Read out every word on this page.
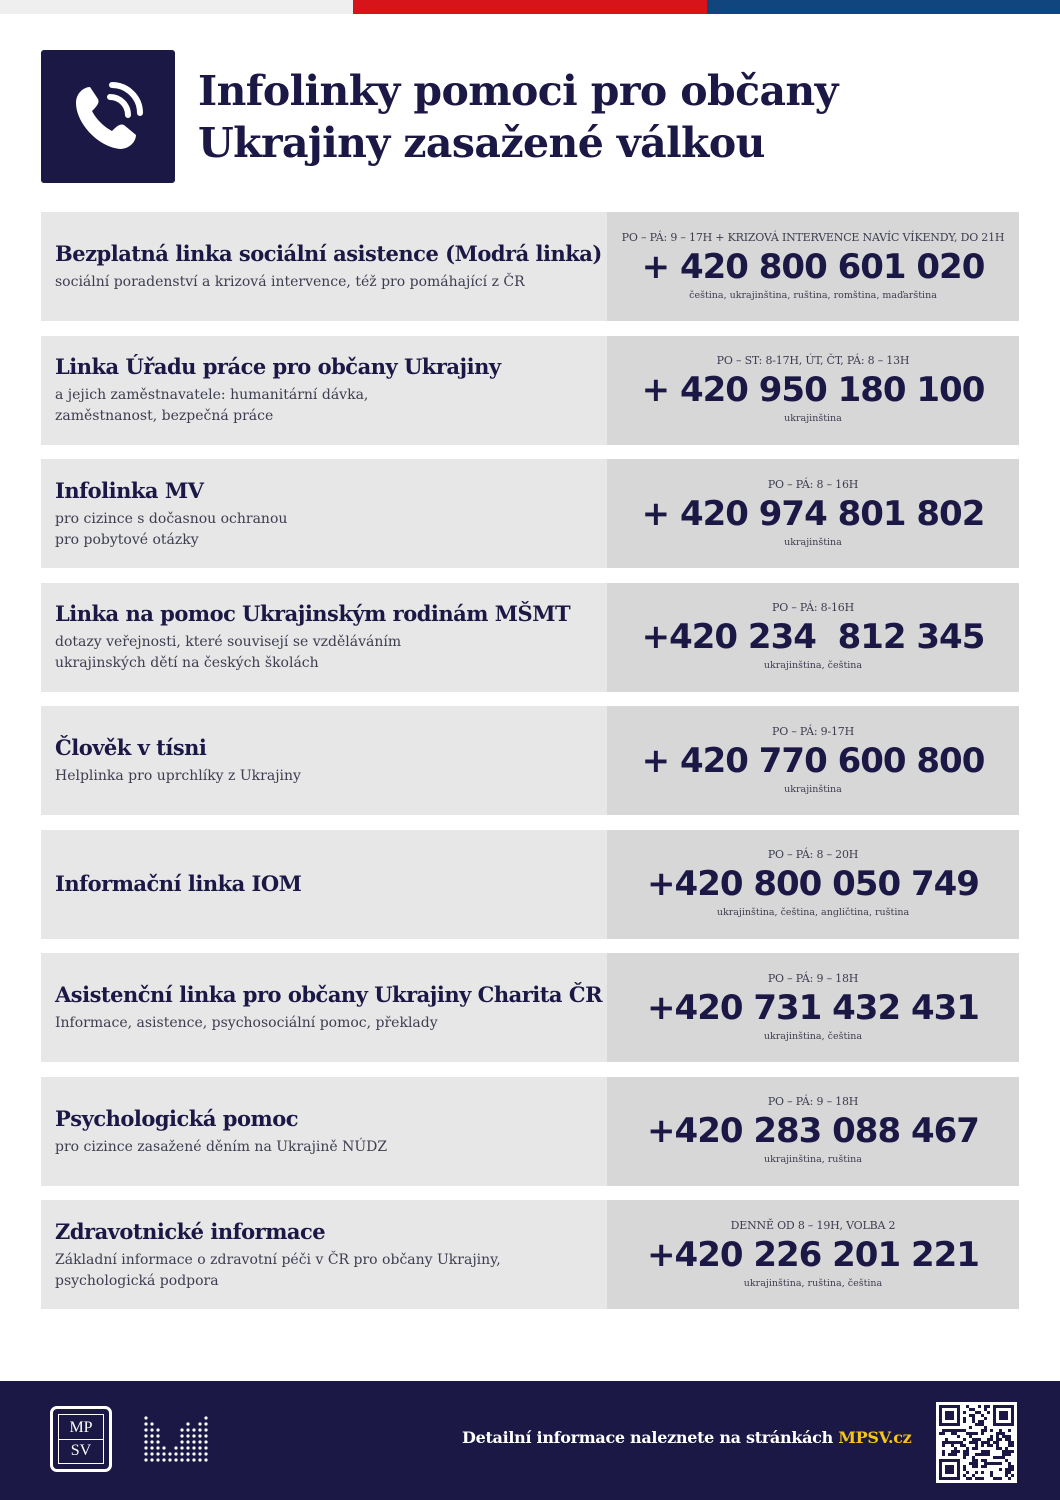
Infolinky pomoci pro občany
Ukrajiny zasažené válkou
Bezplatná linka sociální asistence (Modrá linka)
sociální poradenství a krizová intervence, též pro pomáhající z ČR
PO – PÁ: 9 – 17H + KRIZOVÁ INTERVENCE NAVÍC VÍKENDY, DO 21H
+ 420 800 601 020
čeština, ukrajinština, ruština, romština, maďarština
Linka Úřadu práce pro občany Ukrajiny
a jejich zaměstnavatele: humanitární dávka,
zaměstnanost, bezpečná práce
PO – ST: 8-17H, ÚT, ČT, PÁ: 8 – 13H
+ 420 950 180 100
ukrajinština
Infolinka MV
pro cizince s dočasnou ochranou
pro pobytové otázky
PO – PÁ: 8 – 16H
+ 420 974 801 802
ukrajinština
Linka na pomoc Ukrajinským rodinám MŠMT
dotazy veřejnosti, které souvisejí se vzděláváním
ukrajinských dětí na českých školách
PO – PÁ: 8-16H
+420 234  812 345
ukrajinština, čeština
Člověk v tísni
Helplinka pro uprchlíky z Ukrajiny
PO – PÁ: 9-17H
+ 420 770 600 800
ukrajinština
Informační linka IOM
PO – PÁ: 8 – 20H
+420 800 050 749
ukrajinština, čeština, angličtina, ruština
Asistenční linka pro občany Ukrajiny Charita ČR
Informace, asistence, psychosociální pomoc, překlady
PO – PÁ: 9 – 18H
+420 731 432 431
ukrajinština, čeština
Psychologická pomoc
pro cizince zasažené děním na Ukrajině NÚDZ
PO – PÁ: 9 – 18H
+420 283 088 467
ukrajinština, ruština
Zdravotnické informace
Základní informace o zdravotní péči v ČR pro občany Ukrajiny,
psychologická podpora
DENNĚ OD 8 – 19H, VOLBA 2
+420 226 201 221
ukrajinština, ruština, čeština
MP
SV
Detailní informace naleznete na stránkách MPSV.cz
